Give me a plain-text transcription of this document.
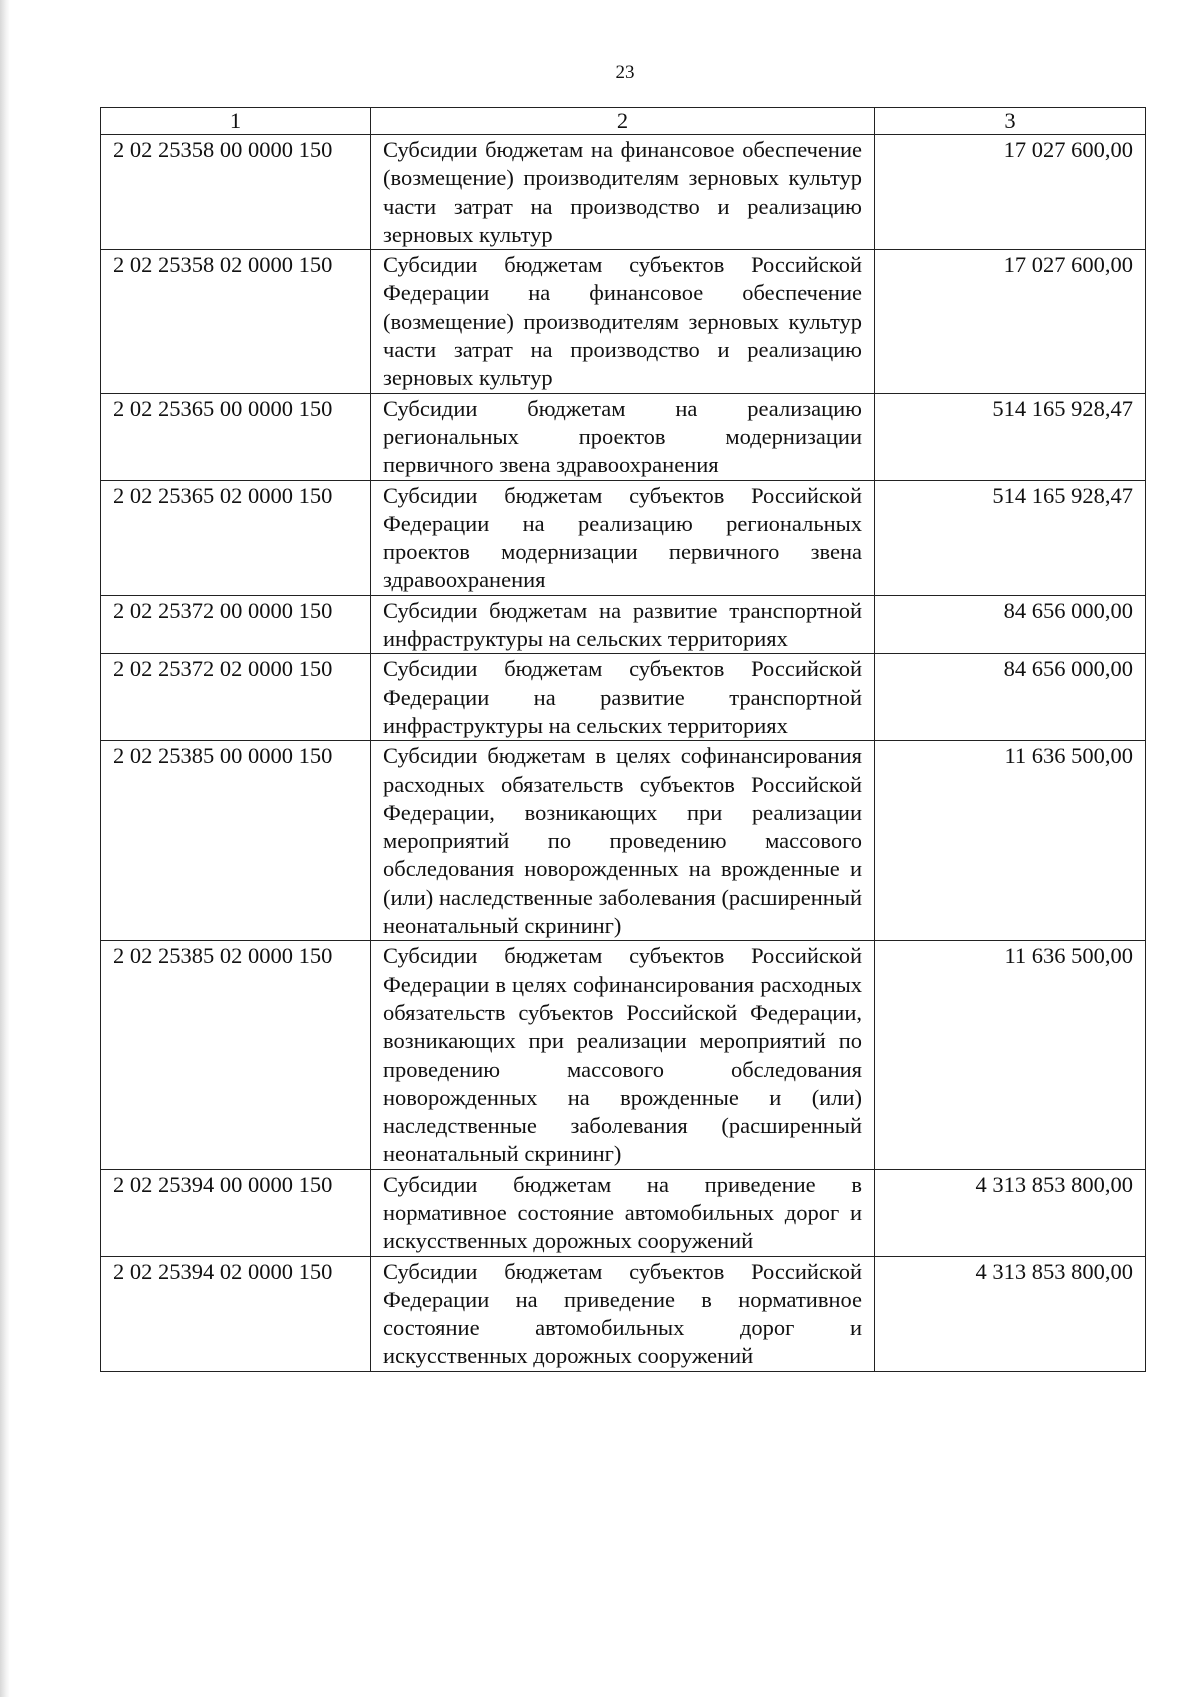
23
1	2	3
2 02 25358 00 0000 150	Субсидии бюджетам на финансовое обеспечение (возмещение) производителям зерновых культур части затрат на производство и реализацию зерновых культур	17 027 600,00
2 02 25358 02 0000 150	Субсидии бюджетам субъектов Российской Федерации на финансовое обеспечение (возмещение) производителям зерновых культур части затрат на производство и реализацию зерновых культур	17 027 600,00
2 02 25365 00 0000 150	Субсидии бюджетам на реализацию региональных проектов модернизации первичного звена здравоохранения	514 165 928,47
2 02 25365 02 0000 150	Субсидии бюджетам субъектов Российской Федерации на реализацию региональных проектов модернизации первичного звена здравоохранения	514 165 928,47
2 02 25372 00 0000 150	Субсидии бюджетам на развитие транспортной инфраструктуры на сельских территориях	84 656 000,00
2 02 25372 02 0000 150	Субсидии бюджетам субъектов Российской Федерации на развитие транспортной инфраструктуры на сельских территориях	84 656 000,00
2 02 25385 00 0000 150	Субсидии бюджетам в целях софинансирования расходных обязательств субъектов Российской Федерации, возникающих при реализации мероприятий по проведению массового обследования новорожденных на врожденные и (или) наследственные заболевания (расширенный неонатальный скрининг)	11 636 500,00
2 02 25385 02 0000 150	Субсидии бюджетам субъектов Российской Федерации в целях софинансирования расходных обязательств субъектов Российской Федерации, возникающих при реализации мероприятий по проведению массового обследования новорожденных на врожденные и (или) наследственные заболевания (расширенный неонатальный скрининг)	11 636 500,00
2 02 25394 00 0000 150	Субсидии бюджетам на приведение в нормативное состояние автомобильных дорог и искусственных дорожных сооружений	4 313 853 800,00
2 02 25394 02 0000 150	Субсидии бюджетам субъектов Российской Федерации на приведение в нормативное состояние автомобильных дорог и искусственных дорожных сооружений	4 313 853 800,00
